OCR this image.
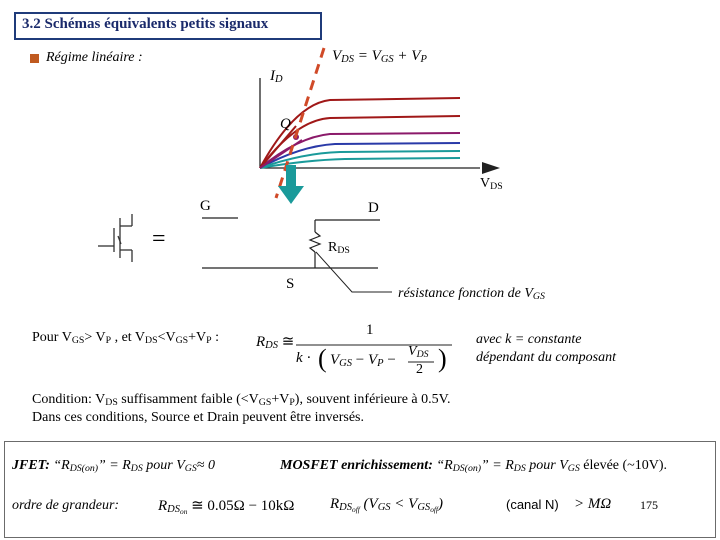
3.2 Schémas équivalents petits signaux
Régime linéaire :	$V_{DS} = V_{GS} + V_P$
$I_D$
Q
$V_{DS}$
G	D
S
=	$R_{DS}$
résistance fonction de $V_{GS}$
Pour $V_{GS}> V_P$ , et $V_{DS}<V_{GS}+V_P$ : $R_{DS}$ ≅
1
k · ( $V_{GS} - V_P$ −
$V_{DS}$
2 )
avec k = constante
dépendant du composant
Condition: $V_{DS}$ suffisamment faible $(<V_{GS}+V_P)$, souvent inférieure à 0.5V.
Dans ces conditions, Source et Drain peuvent être inversés.
JFET: “$R_{DS(on)}$” = $R_{DS}$ pour $V_{GS}\approx 0$	MOSFET enrichissement: “$R_{DS(on)}$” = $R_{DS}$ pour $V_{GS}$ élevée (~10V).
ordre de grandeur:	$R_{DS_{on}}$ ≅ 0.05Ω − 10kΩ $R_{DS_{off}}$ $(V_{GS} < V_{GS_{off}})$	(canal N) > MΩ 175
